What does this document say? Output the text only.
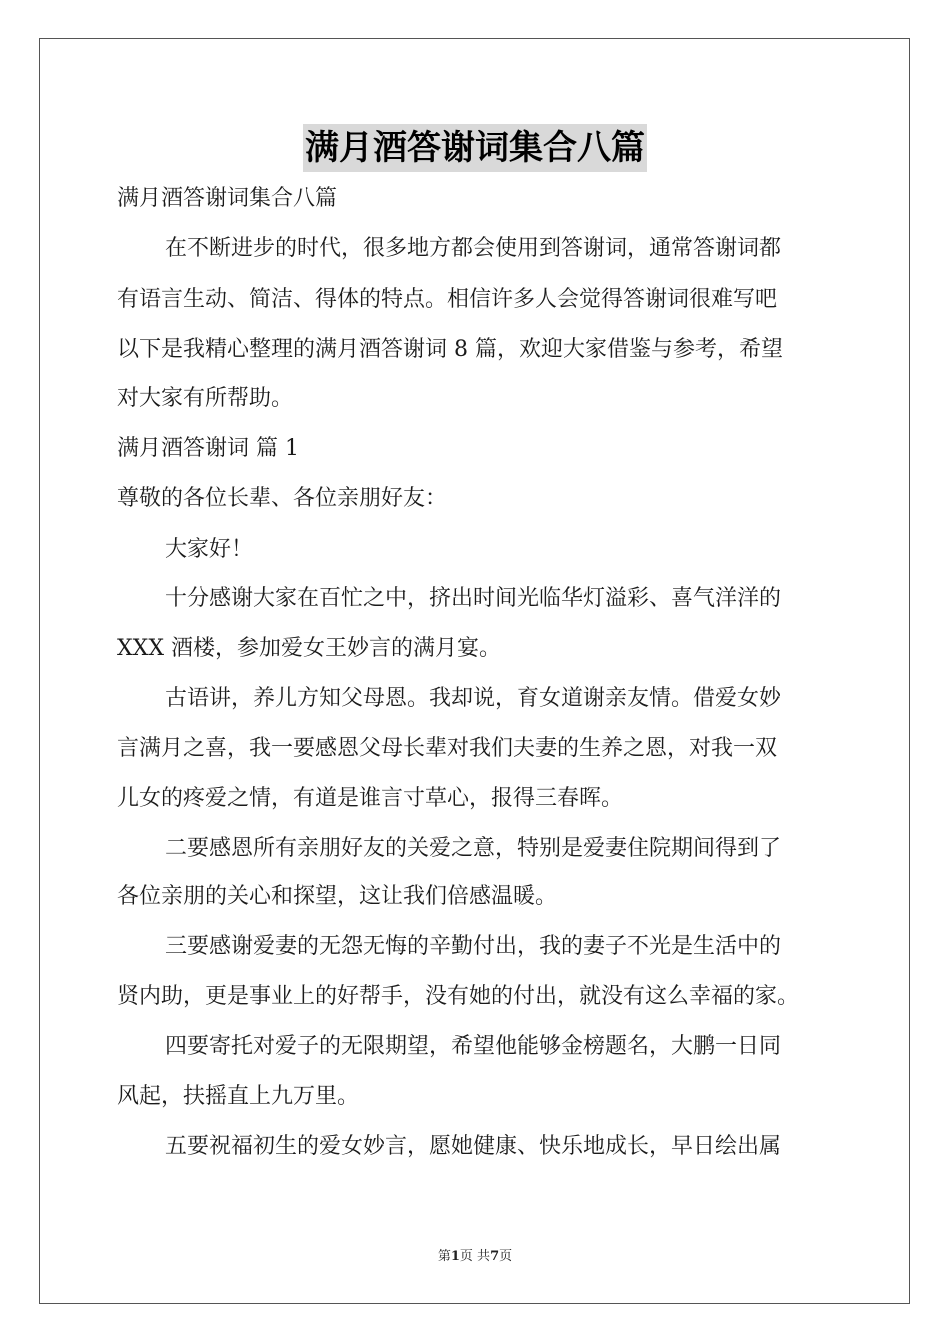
满月酒答谢词集合八篇
满月酒答谢词集合八篇
在不断进步的时代，很多地方都会使用到答谢词，通常答谢词都
有语言生动、简洁、得体的特点。相信许多人会觉得答谢词很难写吧
以下是我精心整理的满月酒答谢词 8 篇，欢迎大家借鉴与参考，希望
对大家有所帮助。
满月酒答谢词 篇 1
尊敬的各位长辈、各位亲朋好友：
大家好！
十分感谢大家在百忙之中，挤出时间光临华灯溢彩、喜气洋洋的
XXX 酒楼，参加爱女王妙言的满月宴。
古语讲，养儿方知父母恩。我却说，育女道谢亲友情。借爱女妙
言满月之喜，我一要感恩父母长辈对我们夫妻的生养之恩，对我一双
儿女的疼爱之情，有道是谁言寸草心，报得三春晖。
二要感恩所有亲朋好友的关爱之意，特别是爱妻住院期间得到了
各位亲朋的关心和探望，这让我们倍感温暖。
三要感谢爱妻的无怨无悔的辛勤付出，我的妻子不光是生活中的
贤内助，更是事业上的好帮手，没有她的付出，就没有这么幸福的家。
四要寄托对爱子的无限期望，希望他能够金榜题名，大鹏一日同
风起，扶摇直上九万里。
五要祝福初生的爱女妙言，愿她健康、快乐地成长，早日绘出属
第1页 共7页
